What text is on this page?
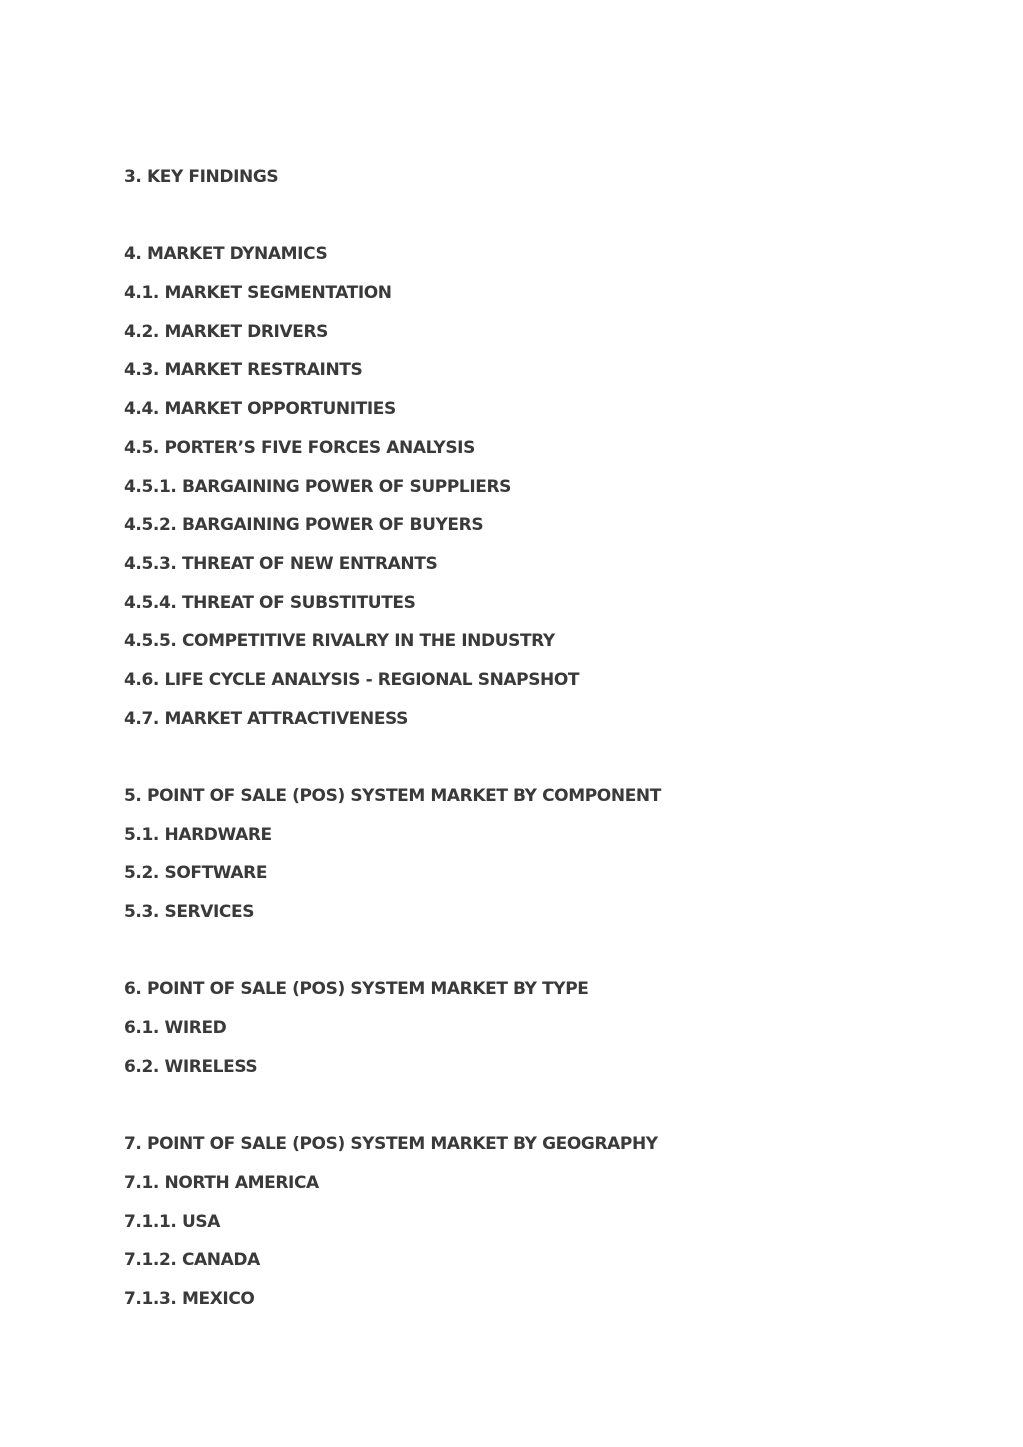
3. KEY FINDINGS
4. MARKET DYNAMICS
4.1. MARKET SEGMENTATION
4.2. MARKET DRIVERS
4.3. MARKET RESTRAINTS
4.4. MARKET OPPORTUNITIES
4.5. PORTER’S FIVE FORCES ANALYSIS
4.5.1. BARGAINING POWER OF SUPPLIERS
4.5.2. BARGAINING POWER OF BUYERS
4.5.3. THREAT OF NEW ENTRANTS
4.5.4. THREAT OF SUBSTITUTES
4.5.5. COMPETITIVE RIVALRY IN THE INDUSTRY
4.6. LIFE CYCLE ANALYSIS - REGIONAL SNAPSHOT
4.7. MARKET ATTRACTIVENESS
5. POINT OF SALE (POS) SYSTEM MARKET BY COMPONENT
5.1. HARDWARE
5.2. SOFTWARE
5.3. SERVICES
6. POINT OF SALE (POS) SYSTEM MARKET BY TYPE
6.1. WIRED
6.2. WIRELESS
7. POINT OF SALE (POS) SYSTEM MARKET BY GEOGRAPHY
7.1. NORTH AMERICA
7.1.1. USA
7.1.2. CANADA
7.1.3. MEXICO
